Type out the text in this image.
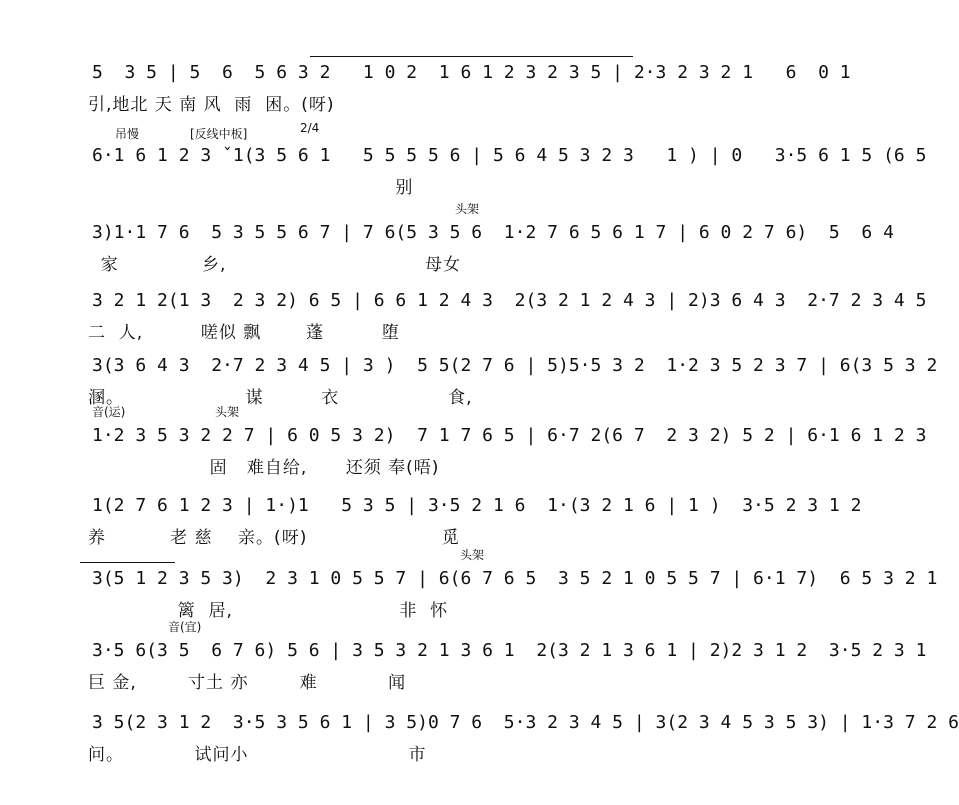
5  3 5 | 5  6  5 6 3 2   1 0 2  1 6 1 2 3 2 3 5 | 2·3 2 3 2 1   6  0 1
引,地北 天 南 风  雨  困。(呀)
吊慢	[反线中板]	2/4
6·1 6 1 2 3 ˇ1(3 5 6 1   5 5 5 5 6 | 5 6 4 5 3 2 3   1 ) | 0   3·5 6 1 5 (6 5
别
头架
3)1·1 7 6  5 3 5 5 6 7 | 7 6(5 3 5 6  1·2 7 6 5 6 1 7 | 6 0 2 7 6)  5  6 4
家             乡,                               母女
3 2 1 2(1 3  2 3 2) 6 5 | 6 6 1 2 4 3  2(3 2 1 2 4 3 | 2)3 6 4 3  2·7 2 3 4 5
二  人,         嗟似 飘       蓬         堕
3(3 6 4 3  2·7 2 3 4 5 | 3 )  5 5(2 7 6 | 5)5·5 3 2  1·2 3 5 2 3 7 | 6(3 5 3 2
溷。                   谋         衣                 食,
音(运)	头架
1·2 3 5 3 2 2 7 | 6 0 5 3 2)  7 1 7 6 5 | 6·7 2(6 7  2 3 2) 5 2 | 6·1 6 1 2 3
固   难自给,      还须 奉(唔)
1(2 7 6 1 2 3 | 1·)1   5 3 5 | 3·5 2 1 6  1·(3 2 1 6 | 1 )  3·5 2 3 1 2
养          老 慈    亲。(呀)                     觅
头架
3(5 1 2 3 5 3)  2 3 1 0 5 5 7 | 6(6 7 6 5  3 5 2 1 0 5 5 7 | 6·1 7)  6 5 3 2 1
篱  居,                          非  怀
音(宜)
3·5 6(3 5  6 7 6) 5 6 | 3 5 3 2 1 3 6 1  2(3 2 1 3 6 1 | 2)2 3 1 2  3·5 2 3 1
巨 金,        寸土 亦        难           闻
3 5(2 3 1 2  3·5 3 5 6 1 | 3 5)0 7 6  5·3 2 3 4 5 | 3(2 3 4 5 3 5 3) | 1·3 7 2 6
问。           试问小                         市
